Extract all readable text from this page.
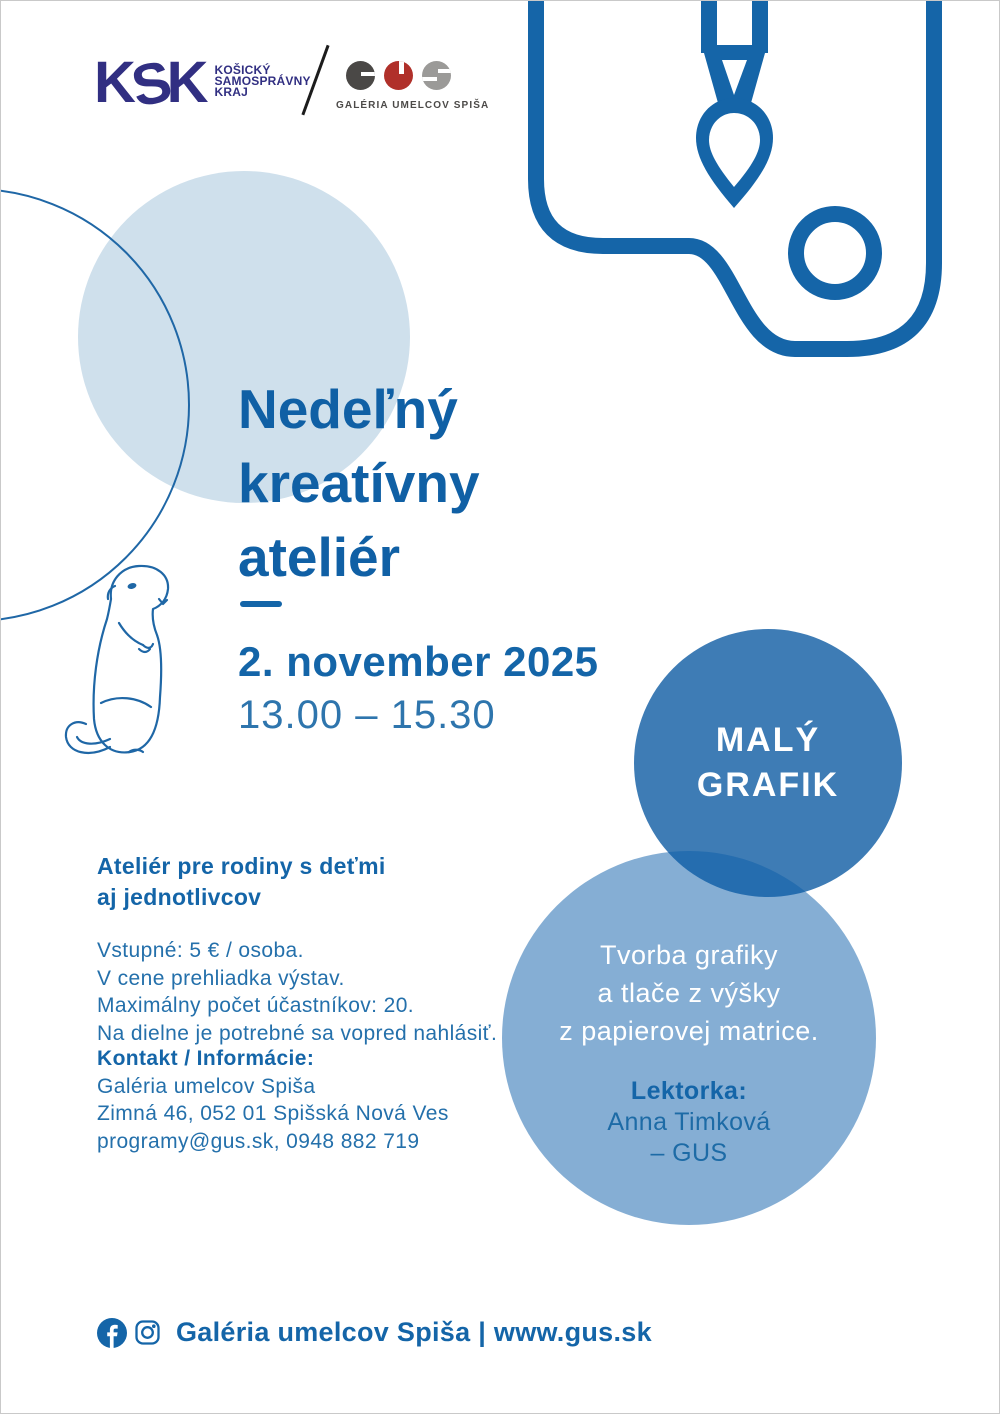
KSK KOŠICKÝ
SAMOSPRÁVNY
KRAJ
GALÉRIA UMELCOV SPIŠA
Nedeľný
kreatívny
ateliér
2. november 2025
13.00 – 15.30
MALÝ
GRAFIK
Tvorba grafiky
a tlače z výšky
z papierovej matrice.
Lektorka:
Anna Timková
– GUS
Ateliér pre rodiny s deťmi
aj jednotlivcov
Vstupné: 5 € / osoba.
V cene prehliadka výstav.
Maximálny počet účastníkov: 20.
Na dielne je potrebné sa vopred nahlásiť.
Kontakt / Informácie:
Galéria umelcov Spiša
Zimná 46, 052 01 Spišská Nová Ves
programy@gus.sk, 0948 882 719
Galéria umelcov Spiša | www.gus.sk
